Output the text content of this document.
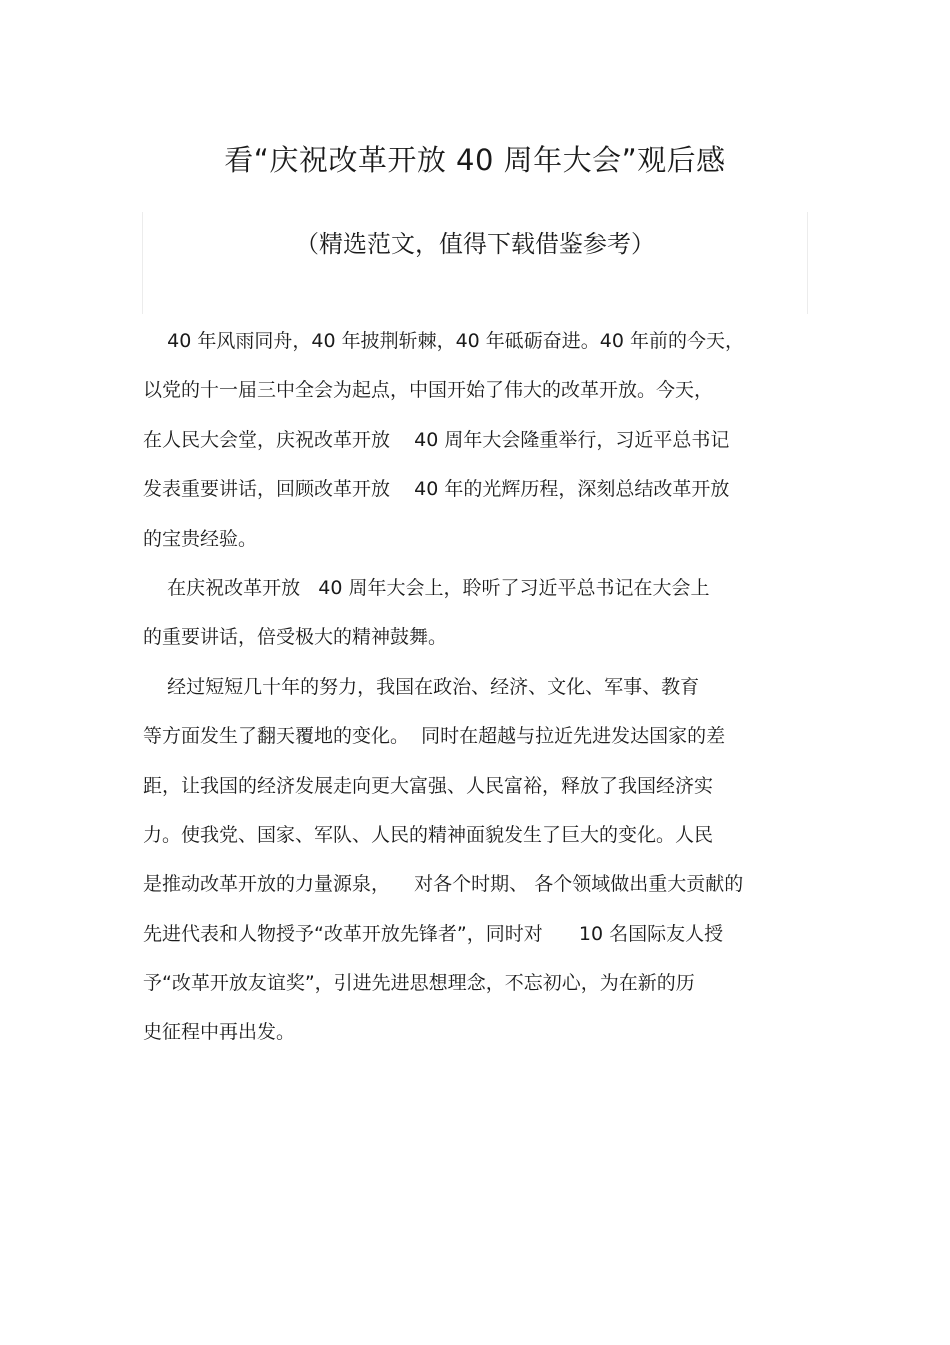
看“庆祝改革开放 40 周年大会”观后感
（精选范文，值得下载借鉴参考）
40 年风雨同舟，40 年披荆斩棘，40 年砥砺奋进。40 年前的今天，
以党的十一届三中全会为起点，中国开始了伟大的改革开放。今天，
在人民大会堂，庆祝改革开放    40 周年大会隆重举行，习近平总书记
发表重要讲话，回顾改革开放    40 年的光辉历程，深刻总结改革开放
的宝贵经验。
在庆祝改革开放   40 周年大会上，聆听了习近平总书记在大会上
的重要讲话，倍受极大的精神鼓舞。
经过短短几十年的努力，我国在政治、经济、文化、军事、教育
等方面发生了翻天覆地的变化。  同时在超越与拉近先进发达国家的差
距，让我国的经济发展走向更大富强、人民富裕，释放了我国经济实
力。使我党、国家、军队、人民的精神面貌发生了巨大的变化。人民
是推动改革开放的力量源泉，    对各个时期、 各个领域做出重大贡献的
先进代表和人物授予“改革开放先锋者”，同时对      10 名国际友人授
予“改革开放友谊奖”，引进先进思想理念，不忘初心，为在新的历
史征程中再出发。
